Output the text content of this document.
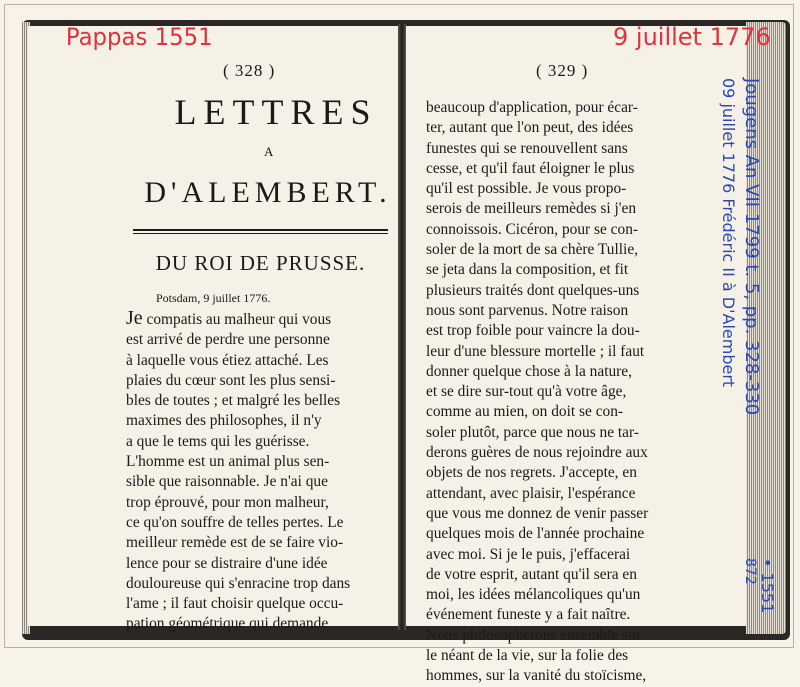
( 328 )
LETTRES
A
D'ALEMBERT.
DU ROI DE PRUSSE.
Potsdam, 9 juillet 1776.
Je compatis au malheur qui vous
est arrivé de perdre une personne
à laquelle vous étiez attaché. Les
plaies du cœur sont les plus sensi-
bles de toutes ; et malgré les belles
maximes des philosophes, il n'y
a que le tems qui les guérisse.
L'homme est un animal plus sen-
sible que raisonnable. Je n'ai que
trop éprouvé, pour mon malheur,
ce qu'on souffre de telles pertes. Le
meilleur remède est de se faire vio-
lence pour se distraire d'une idée
douloureuse qui s'enracine trop dans
l'ame ; il faut choisir quelque occu-
pation géométrique qui demande
( 329 )
beaucoup d'application, pour écar-
ter, autant que l'on peut, des idées
funestes qui se renouvellent sans
cesse, et qu'il faut éloigner le plus
qu'il est possible. Je vous propo-
serois de meilleurs remèdes si j'en
connoissois. Cicéron, pour se con-
soler de la mort de sa chère Tullie,
se jeta dans la composition, et fit
plusieurs traités dont quelques-uns
nous sont parvenus. Notre raison
est trop foible pour vaincre la dou-
leur d'une blessure mortelle ; il faut
donner quelque chose à la nature,
et se dire sur-tout qu'à votre âge,
comme au mien, on doit se con-
soler plutôt, parce que nous ne tar-
derons guères de nous rejoindre aux
objets de nos regrets. J'accepte, en
attendant, avec plaisir, l'espérance
que vous me donnez de venir passer
quelques mois de l'année prochaine
avec moi. Si je le puis, j'effacerai
de votre esprit, autant qu'il sera en
moi, les idées mélancoliques qu'un
événement funeste y a fait naître.
Nous philosopherons ensemble sur
le néant de la vie, sur la folie des
hommes, sur la vanité du stoïcisme,
Pappas 1551	9 juillet 1776
Jougens An VII 1799 t. 5, pp. 328-330
09 juillet 1776 Frédéric II à D'Alembert
• 1551
872
